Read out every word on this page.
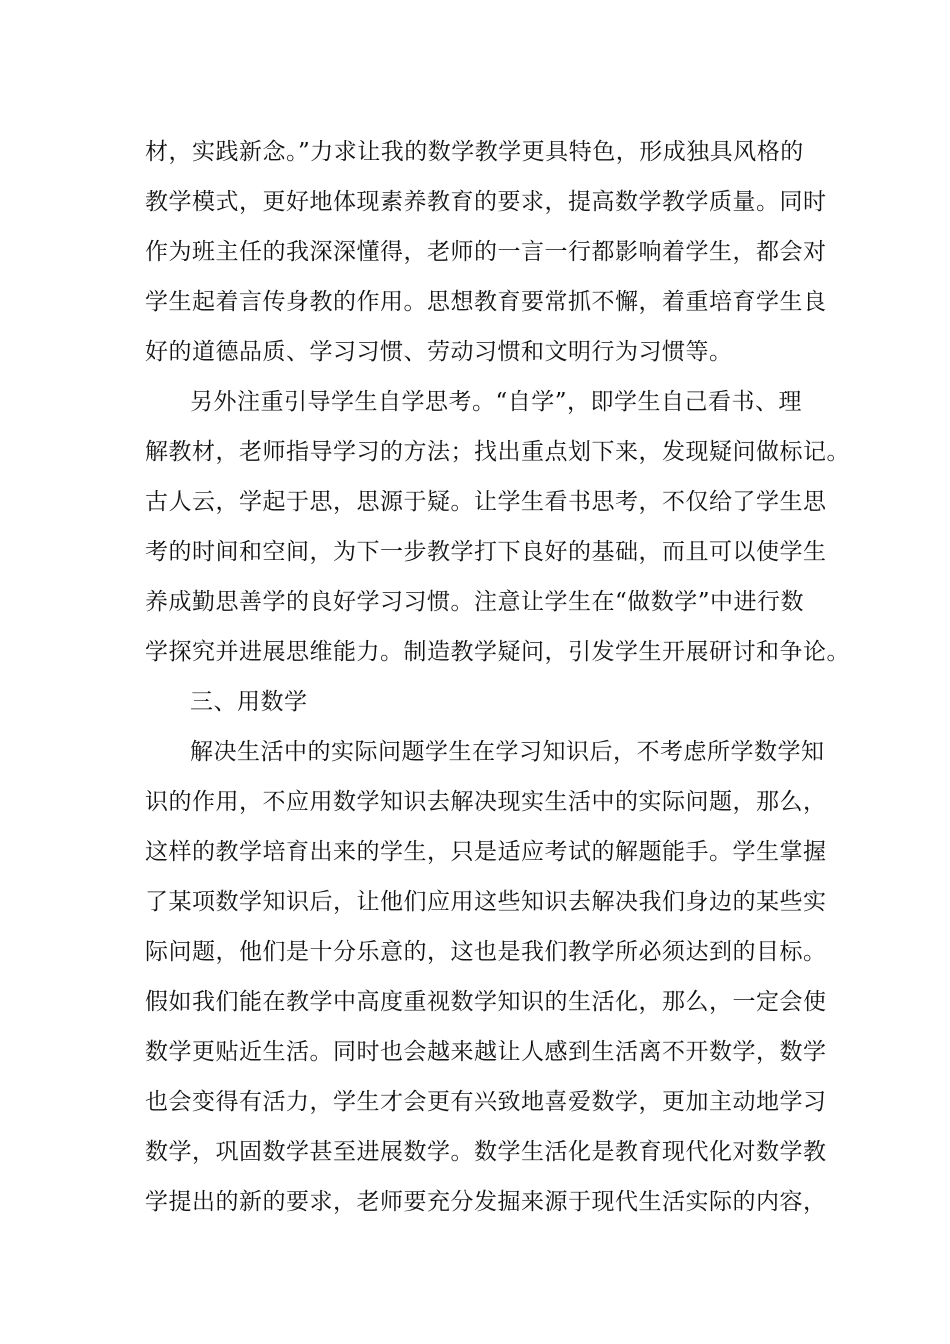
材，实践新念。”力求让我的数学教学更具特色，形成独具风格的
教学模式，更好地体现素养教育的要求，提高数学教学质量。同时
作为班主任的我深深懂得，老师的一言一行都影响着学生，都会对
学生起着言传身教的作用。思想教育要常抓不懈，着重培育学生良
好的道德品质、学习习惯、劳动习惯和文明行为习惯等。
另外注重引导学生自学思考。“自学”，即学生自己看书、理
解教材，老师指导学习的方法；找出重点划下来，发现疑问做标记。
古人云，学起于思，思源于疑。让学生看书思考，不仅给了学生思
考的时间和空间，为下一步教学打下良好的基础，而且可以使学生
养成勤思善学的良好学习习惯。注意让学生在“做数学”中进行数
学探究并进展思维能力。制造教学疑问，引发学生开展研讨和争论。
三、用数学
解决生活中的实际问题学生在学习知识后，不考虑所学数学知
识的作用，不应用数学知识去解决现实生活中的实际问题，那么，
这样的教学培育出来的学生，只是适应考试的解题能手。学生掌握
了某项数学知识后，让他们应用这些知识去解决我们身边的某些实
际问题，他们是十分乐意的，这也是我们教学所必须达到的目标。
假如我们能在教学中高度重视数学知识的生活化，那么，一定会使
数学更贴近生活。同时也会越来越让人感到生活离不开数学，数学
也会变得有活力，学生才会更有兴致地喜爱数学，更加主动地学习
数学，巩固数学甚至进展数学。数学生活化是教育现代化对数学教
学提出的新的要求，老师要充分发掘来源于现代生活实际的内容，
